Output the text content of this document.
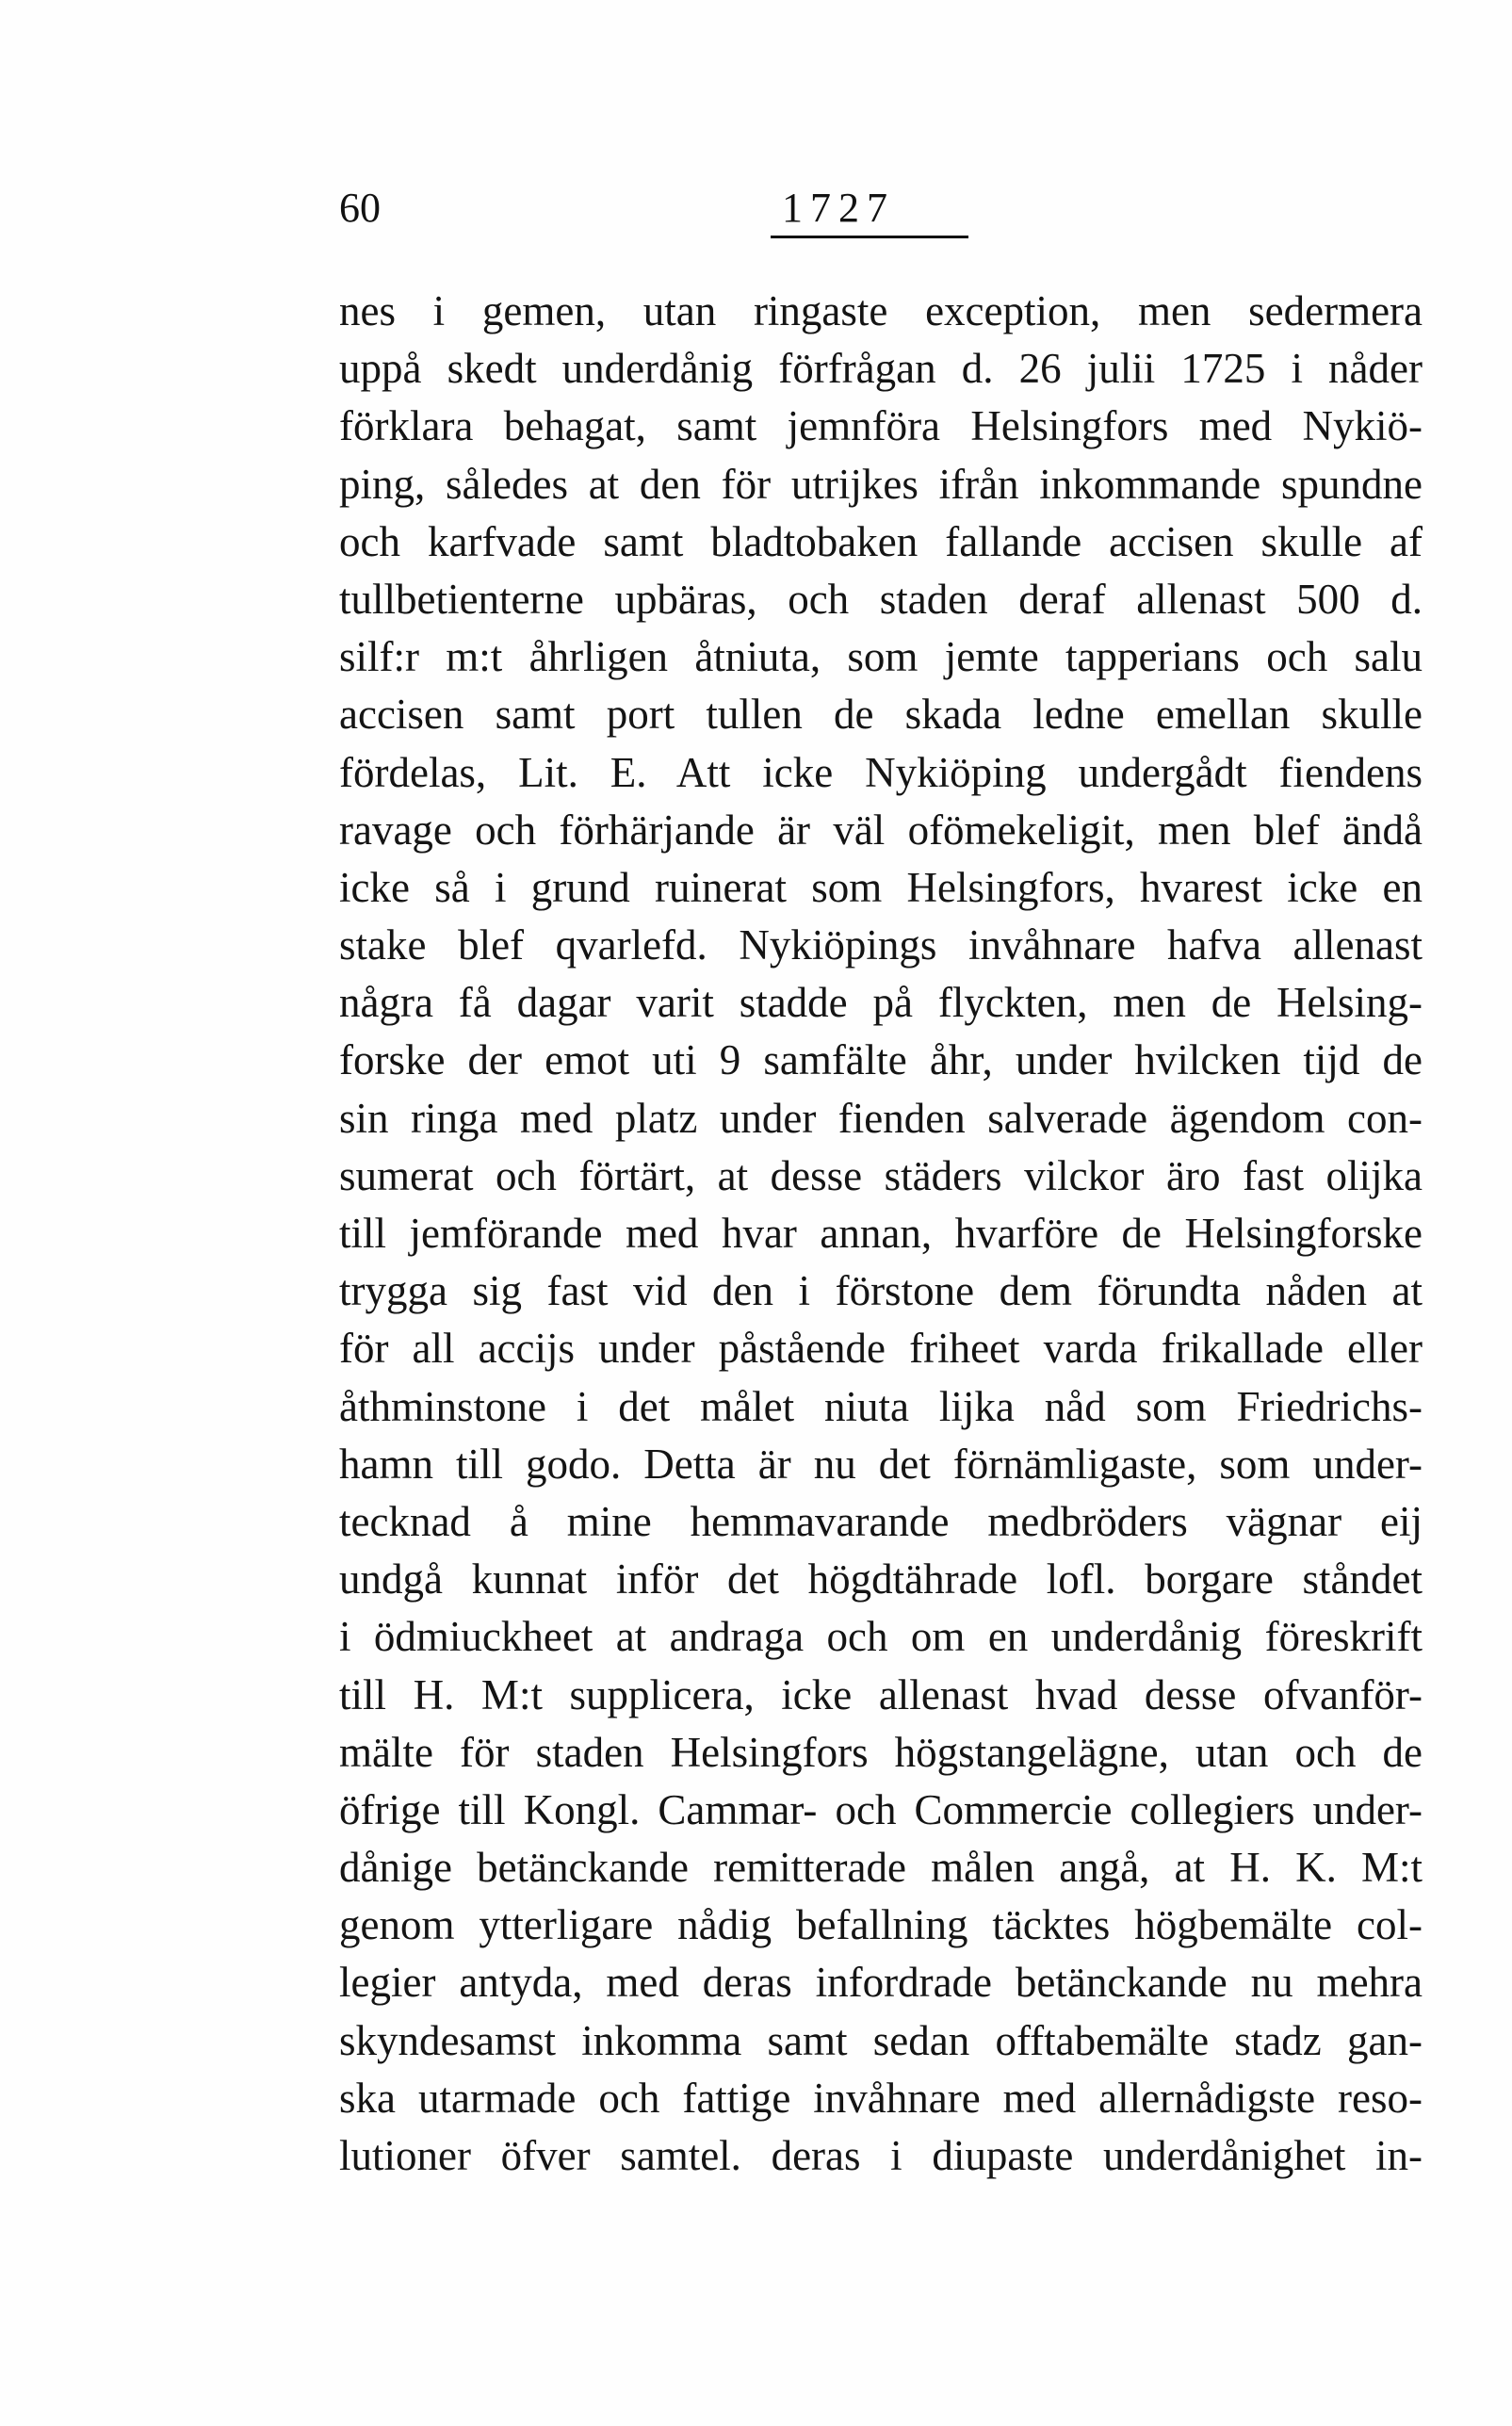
60	1727
nes i gemen, utan ringaste exception, men sedermera
uppå skedt underdånig förfrågan d. 26 julii 1725 i nåder
förklara behagat, samt jemnföra Helsingfors med Nykiö-
ping, således at den för utrijkes ifrån inkommande spundne
och karfvade samt bladtobaken fallande accisen skulle af
tullbetienterne upbäras, och staden deraf allenast 500 d.
silf:r m:t åhrligen åtniuta, som jemte tapperians och salu
accisen samt port tullen de skada ledne emellan skulle
fördelas, Lit. E. Att icke Nykiöping undergådt fiendens
ravage och förhärjande är väl ofömekeligit, men blef ändå
icke så i grund ruinerat som Helsingfors, hvarest icke en
stake blef qvarlefd. Nykiöpings invåhnare hafva allenast
några få dagar varit stadde på flyckten, men de Helsing-
forske der emot uti 9 samfälte åhr, under hvilcken tijd de
sin ringa med platz under fienden salverade ägendom con-
sumerat och förtärt, at desse städers vilckor äro fast olijka
till jemförande med hvar annan, hvarföre de Helsingforske
trygga sig fast vid den i förstone dem förundta nåden at
för all accijs under påstående friheet varda frikallade eller
åthminstone i det målet niuta lijka nåd som Friedrichs-
hamn till godo. Detta är nu det förnämligaste, som under-
tecknad å mine hemmavarande medbröders vägnar eij
undgå kunnat inför det högdtährade lofl. borgare ståndet
i ödmiuckheet at andraga och om en underdånig föreskrift
till H. M:t supplicera, icke allenast hvad desse ofvanför-
mälte för staden Helsingfors högstangelägne, utan och de
öfrige till Kongl. Cammar- och Commercie collegiers under-
dånige betänckande remitterade målen angå, at H. K. M:t
genom ytterligare nådig befallning täcktes högbemälte col-
legier antyda, med deras infordrade betänckande nu mehra
skyndesamst inkomma samt sedan offtabemälte stadz gan-
ska utarmade och fattige invåhnare med allernådigste reso-
lutioner öfver samtel. deras i diupaste underdånighet in-
